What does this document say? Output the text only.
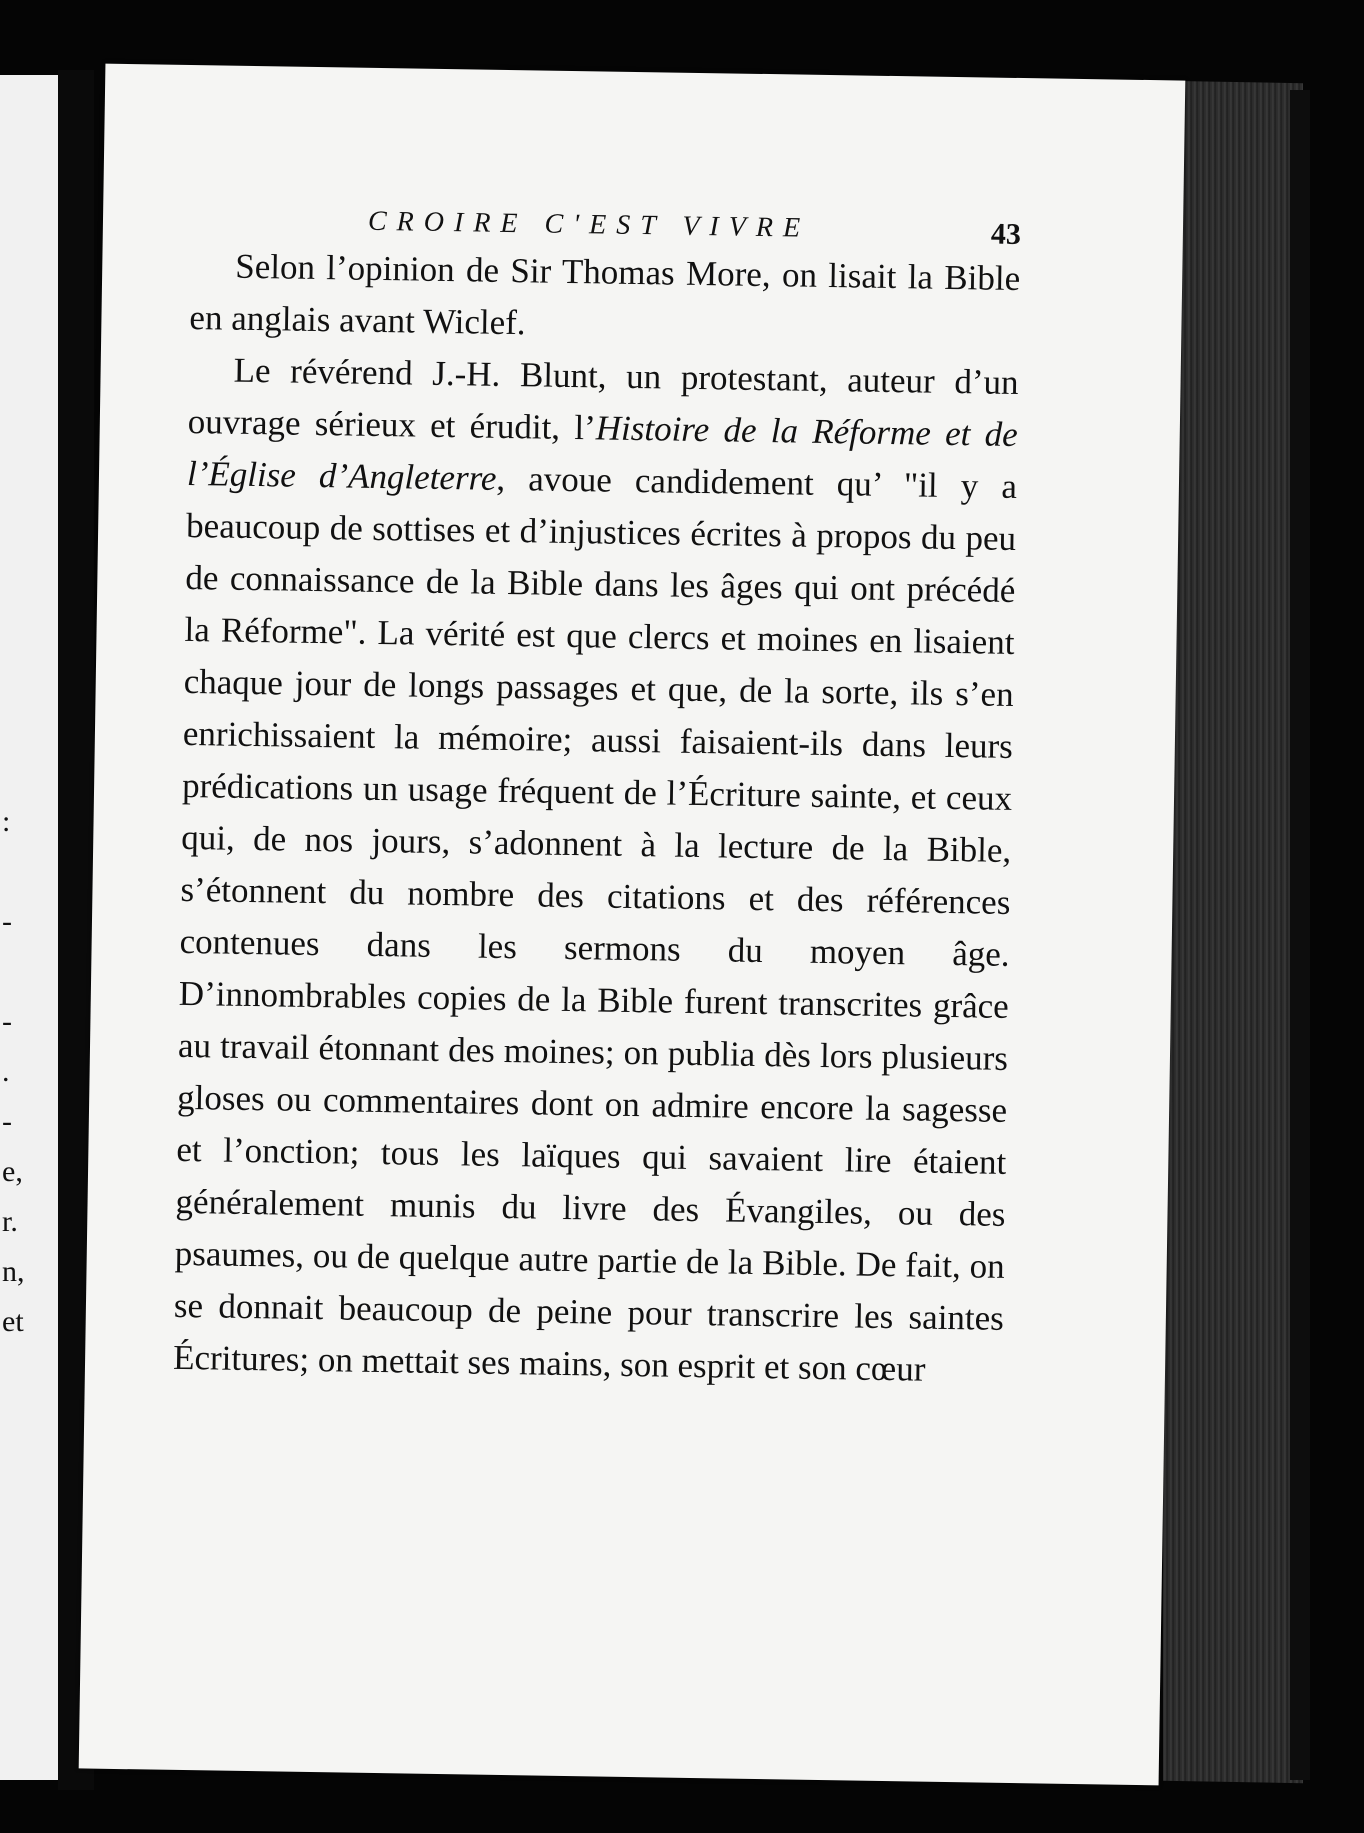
:
-
-
.
-
e,
r.
n,
et
CROIRE C'EST VIVRE	43

Selon l’opinion de Sir Thomas More, on lisait la Bible en anglais avant Wiclef.

Le révérend J.-H. Blunt, un protestant, auteur d’un ouvrage sérieux et érudit, l’Histoire de la Réforme et de l’Église d’Angleterre, avoue candidement qu’ "il y a beaucoup de sottises et d’injustices écrites à propos du peu de connaissance de la Bible dans les âges qui ont précédé la Réforme". La vérité est que clercs et moines en lisaient chaque jour de longs passages et que, de la sorte, ils s’en enrichissaient la mémoire; aussi faisaient-ils dans leurs prédications un usage fréquent de l’Écriture sainte, et ceux qui, de nos jours, s’adonnent à la lecture de la Bible, s’étonnent du nombre des citations et des références contenues dans les sermons du moyen âge. D’innombrables copies de la Bible furent transcrites grâce au travail étonnant des moines; on publia dès lors plusieurs gloses ou commentaires dont on admire encore la sagesse et l’onction; tous les laïques qui savaient lire étaient généralement munis du livre des Évangiles, ou des psaumes, ou de quelque autre partie de la Bible. De fait, on se donnait beaucoup de peine pour transcrire les saintes Écritures; on mettait ses mains, son esprit et son cœur
